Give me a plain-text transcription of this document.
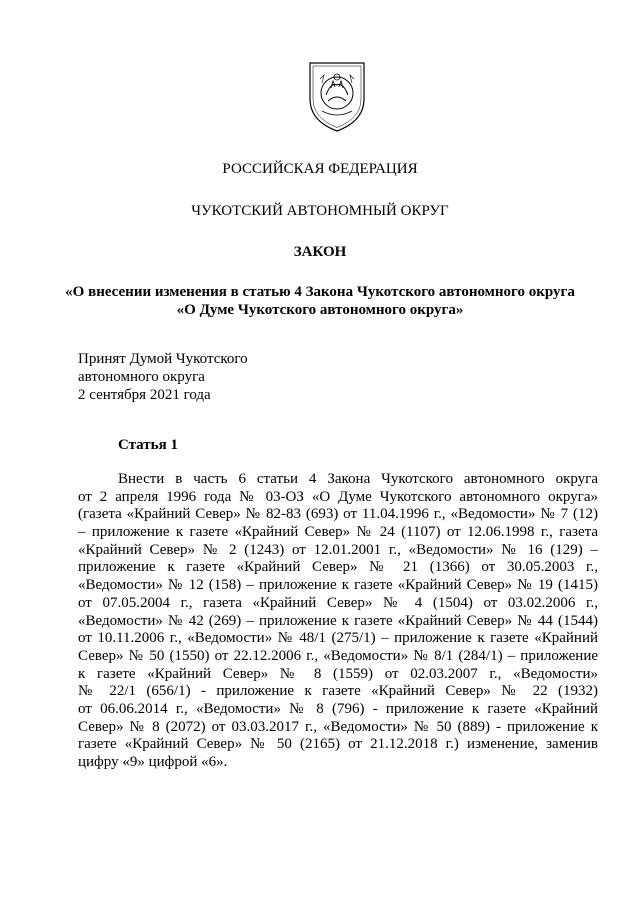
РОССИЙСКАЯ ФЕДЕРАЦИЯ
ЧУКОТСКИЙ АВТОНОМНЫЙ ОКРУГ
ЗАКОН
«О внесении изменения в статью 4 Закона Чукотского автономного округа
«О Думе Чукотского автономного округа»
Принят Думой Чукотского
автономного округа
2 сентября 2021 года
Статья 1
Внести в часть 6 статьи 4 Закона Чукотского автономного округа
от 2 апреля 1996 года № 03-ОЗ «О Думе Чукотского автономного округа»
(газета «Крайний Север» № 82-83 (693) от 11.04.1996 г., «Ведомости» № 7 (12)
– приложение к газете «Крайний Север» № 24 (1107) от 12.06.1998 г., газета
«Крайний Север» № 2 (1243) от 12.01.2001 г., «Ведомости» № 16 (129) –
приложение к газете «Крайний Север» № 21 (1366) от 30.05.2003 г.,
«Ведомости» № 12 (158) – приложение к газете «Крайний Север» № 19 (1415)
от 07.05.2004 г., газета «Крайний Север» № 4 (1504) от 03.02.2006 г.,
«Ведомости» № 42 (269) – приложение к газете «Крайний Север» № 44 (1544)
от 10.11.2006 г., «Ведомости» № 48/1 (275/1) – приложение к газете «Крайний
Север» № 50 (1550) от 22.12.2006 г., «Ведомости» № 8/1 (284/1) – приложение
к газете «Крайний Север» № 8 (1559) от 02.03.2007 г., «Ведомости»
№ 22/1 (656/1) - приложение к газете «Крайний Север» № 22 (1932)
от 06.06.2014 г., «Ведомости» № 8 (796) - приложение к газете «Крайний
Север» № 8 (2072) от 03.03.2017 г., «Ведомости» № 50 (889) - приложение к
газете «Крайний Север» № 50 (2165) от 21.12.2018 г.) изменение, заменив
цифру «9» цифрой «6».
